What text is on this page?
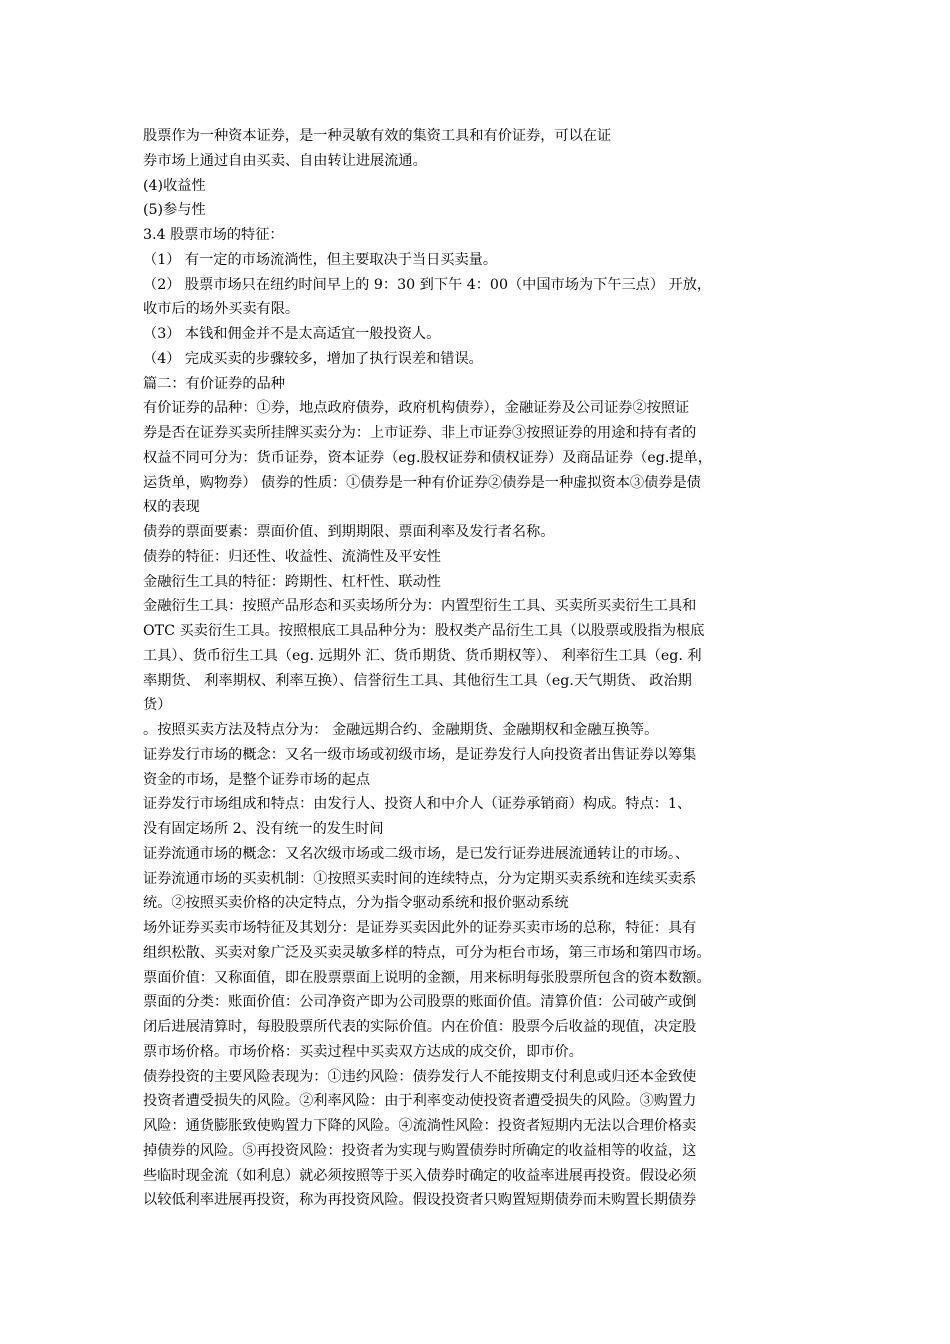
股票作为一种资本证券，是一种灵敏有效的集资工具和有价证券，可以在证
券市场上通过自由买卖、自由转让进展流通。
(4)收益性
(5)参与性
3.4 股票市场的特征：
（1） 有一定的市场流淌性，但主要取决于当日买卖量。
（2） 股票市场只在纽约时间早上的 9：30 到下午 4：00（中国市场为下午三点） 开放，
收市后的场外买卖有限。
（3） 本钱和佣金并不是太高适宜一般投资人。
（4） 完成买卖的步骤较多，增加了执行误差和错误。
篇二：有价证券的品种
有价证券的品种：①券，地点政府债券，政府机构债券），金融证券及公司证券②按照证
券是否在证券买卖所挂牌买卖分为：上市证券、非上市证券③按照证券的用途和持有者的
权益不同可分为：货币证券，资本证券（eg.股权证券和债权证券）及商品证券（eg.提单，
运货单，购物券） 债券的性质：①债券是一种有价证券②债券是一种虚拟资本③债券是债
权的表现
债券的票面要素：票面价值、到期期限、票面利率及发行者名称。
债券的特征：归还性、收益性、流淌性及平安性
金融衍生工具的特征：跨期性、杠杆性、联动性
金融衍生工具：按照产品形态和买卖场所分为：内置型衍生工具、买卖所买卖衍生工具和
OTC 买卖衍生工具。按照根底工具品种分为：股权类产品衍生工具（以股票或股指为根底
工具）、货币衍生工具（eg. 远期外 汇、货币期货、货币期权等）、 利率衍生工具（eg. 利
率期货、 利率期权、利率互换）、信誉衍生工具、其他衍生工具（eg.天气期货、 政治期
货）
。按照买卖方法及特点分为： 金融远期合约、金融期货、金融期权和金融互换等。
证券发行市场的概念：又名一级市场或初级市场，是证券发行人向投资者出售证券以筹集
资金的市场，是整个证券市场的起点
证券发行市场组成和特点：由发行人、投资人和中介人（证券承销商）构成。特点：1、
没有固定场所 2、没有统一的发生时间
证券流通市场的概念：又名次级市场或二级市场，是已发行证券进展流通转让的市场。、
证券流通市场的买卖机制：①按照买卖时间的连续特点，分为定期买卖系统和连续买卖系
统。②按照买卖价格的决定特点，分为指令驱动系统和报价驱动系统
场外证券买卖市场特征及其划分：是证券买卖因此外的证券买卖市场的总称，特征：具有
组织松散、买卖对象广泛及买卖灵敏多样的特点，可分为柜台市场，第三市场和第四市场。
票面价值：又称面值，即在股票票面上说明的金额，用来标明每张股票所包含的资本数额。
票面的分类：账面价值：公司净资产即为公司股票的账面价值。清算价值：公司破产或倒
闭后进展清算时，每股股票所代表的实际价值。内在价值：股票今后收益的现值，决定股
票市场价格。市场价格：买卖过程中买卖双方达成的成交价，即市价。
债券投资的主要风险表现为：①违约风险：债券发行人不能按期支付利息或归还本金致使
投资者遭受损失的风险。②利率风险：由于利率变动使投资者遭受损失的风险。③购置力
风险：通货膨胀致使购置力下降的风险。④流淌性风险：投资者短期内无法以合理价格卖
掉债券的风险。⑤再投资风险：投资者为实现与购置债券时所确定的收益相等的收益，这
些临时现金流（如利息）就必须按照等于买入债券时确定的收益率进展再投资。假设必须
以较低利率进展再投资，称为再投资风险。假设投资者只购置短期债券而未购置长期债券
